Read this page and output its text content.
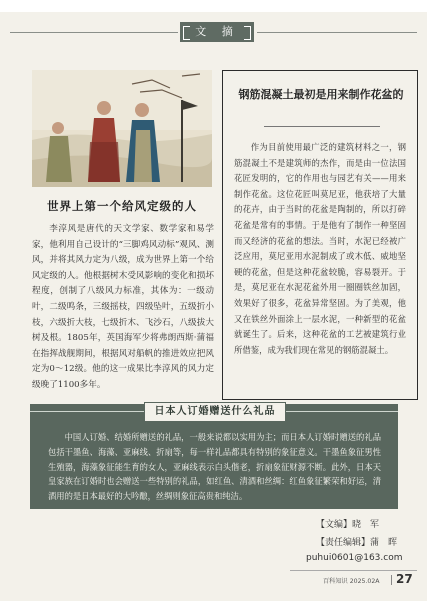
文 摘
世界上第一个给风定级的人
李淳风是唐代的天文学家、数学家和易学家，他利用自己设计的“三脚鸡风动标”观风、测风，并将其风力定为八级，成为世界上第一个给风定级的人。他根据树木受风影响的变化和损坏程度，创制了八级风力标准，其体为：一级动叶，二级鸣条，三级摇枝，四级坠叶，五级折小枝，六级折大枝，七级折木、飞沙石，八级拔大树及根。1805年，英国海军少将弗朗西斯·蒲福在指挥战舰期间，根据风对船帆的推进效应把风定为0～12级。他的这一成果比李淳风的风力定级晚了1100多年。
钢筋混凝土最初是用来制作花盆的
作为目前使用最广泛的建筑材料之一，钢筋混凝土不是建筑师的杰作，而是由一位法国花匠发明的，它的作用也与园艺有关——用来制作花盆。这位花匠叫莫尼亚，他获培了大量的花卉，由于当时的花盆是陶制的，所以打碎花盆是常有的事情。于是他有了制作一种坚固而又经济的花盆的想法。当时，水泥已经被广泛应用，莫尼亚用水泥制成了或木低、威地坚硬的花盆，但是这种花盆较脆，容易裂开。于是，莫尼亚在水泥花盆外用一圈圈铁丝加固，效果好了很多，花盆异常坚固。为了美观，他又在铁丝外面涂上一层水泥，一种新型的花盆就诞生了。后来，这种花盆的工艺被建筑行业所借鉴，成为我们现在常见的钢筋混凝土。
日本人订婚赠送什么礼品
中国人订婚、结婚所赠送的礼品，一般来说都以实用为主；而日本人订婚时赠送的礼品包括干墨鱼、海藻、亚麻线、折扇等，每一样礼品都具有特别的象征意义。干墨鱼象征男性生殖器，海藻象征能生育的女人，亚麻线表示白头偕老，折扇象征财源不断。此外，日本天皇家族在订婚时也会赠送一些特别的礼品，如红鱼、清酒和丝绸：红鱼象征繁荣和好运，清酒用的是日本最好的大吟酿，丝绸则象征高贵和纯洁。
【文编】晓　军
【责任编辑】蒲　晖
puhui0601@163.com
百科知识 2025.02A 27
